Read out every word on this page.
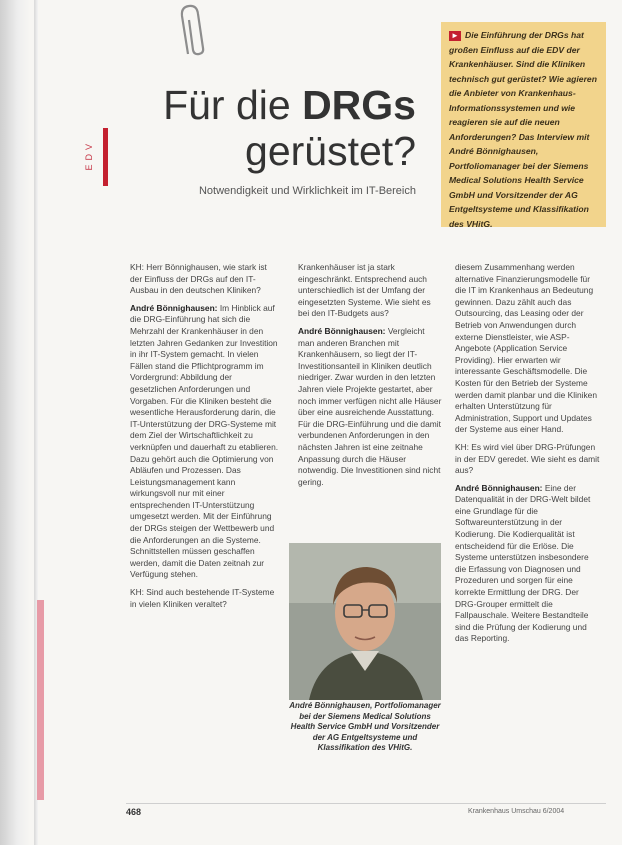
EDV
Für die DRGs
gerüstet?
Notwendigkeit und Wirklichkeit im IT-Bereich
► Die Einführung der DRGs hat großen Einfluss auf die EDV der Krankenhäuser. Sind die Kliniken technisch gut gerüstet? Wie agieren die Anbieter von Krankenhaus-Informationssystemen und wie reagieren sie auf die neuen Anforderungen? Das Interview mit André Bönnighausen, Portfoliomanager bei der Siemens Medical Solutions Health Service GmbH und Vorsitzender der AG Entgeltsysteme und Klassifikation des VHitG.

KH: Herr Bönnighausen, wie stark ist der Einfluss der DRGs auf den IT-Ausbau in den deutschen Kliniken?

André Bönnighausen: Im Hinblick auf die DRG-Einführung hat sich die Mehrzahl der Krankenhäuser in den letzten Jahren Gedanken zur Investition in ihr IT-System gemacht. In vielen Fällen stand die Pflichtprogramm im Vordergrund: Abbildung der gesetzlichen Anforderungen und Vorgaben. Für die Kliniken besteht die wesentliche Herausforderung darin, die IT-Unterstützung der DRG-Systeme mit dem Ziel der Wirtschaftlichkeit zu verknüpfen und dauerhaft zu etablieren. Dazu gehört auch die Optimierung von Abläufen und Prozessen. Das Leistungsmanagement kann wirkungsvoll nur mit einer entsprechenden IT-Unterstützung umgesetzt werden. Mit der Einführung der DRGs steigen der Wettbewerb und die Anforderungen an die Systeme. Schnittstellen müssen geschaffen werden, damit die Daten zeitnah zur Verfügung stehen.

KH: Sind auch bestehende IT-Systeme in vielen Kliniken veraltet?

Krankenhäuser ist ja stark eingeschränkt. Entsprechend auch unterschiedlich ist der Umfang der eingesetzten Systeme. Wie sieht es bei den IT-Budgets aus?

André Bönnighausen: Vergleicht man anderen Branchen mit Krankenhäusern, so liegt der IT-Investitionsanteil in Kliniken deutlich niedriger. Zwar wurden in den letzten Jahren viele Projekte gestartet, aber noch immer verfügen nicht alle Häuser über eine ausreichende Ausstattung. Für die DRG-Einführung und die damit verbundenen Anforderungen in den nächsten Jahren ist eine zeitnahe Anpassung durch die Häuser notwendig. Die Investitionen sind nicht gering.

diesem Zusammenhang werden alternative Finanzierungsmodelle für die IT im Krankenhaus an Bedeutung gewinnen. Dazu zählt auch das Outsourcing, das Leasing oder der Betrieb von Anwendungen durch externe Dienstleister, wie ASP-Angebote (Application Service Providing). Hier erwarten wir interessante Geschäftsmodelle. Die Kosten für den Betrieb der Systeme werden damit planbar und die Kliniken erhalten Unterstützung für Administration, Support und Updates der Systeme aus einer Hand.

KH: Es wird viel über DRG-Prüfungen in der EDV geredet. Wie sieht es damit aus?

André Bönnighausen: Eine der Datenqualität in der DRG-Welt bildet eine Grundlage für die Softwareunterstützung in der Kodierung. Die Kodierqualität ist entscheidend für die Erlöse. Die Systeme unterstützen insbesondere die Erfassung von Diagnosen und Prozeduren und sorgen für eine korrekte Ermittlung der DRG. Der DRG-Grouper ermittelt die Fallpauschale. Weitere Bestandteile sind die Prüfung der Kodierung und das Reporting.

André Bönnighausen, Portfoliomanager bei der Siemens Medical Solutions Health Service GmbH und Vorsitzender der AG Entgeltsysteme und Klassifikation des VHitG.
468	Krankenhaus Umschau 6/2004
